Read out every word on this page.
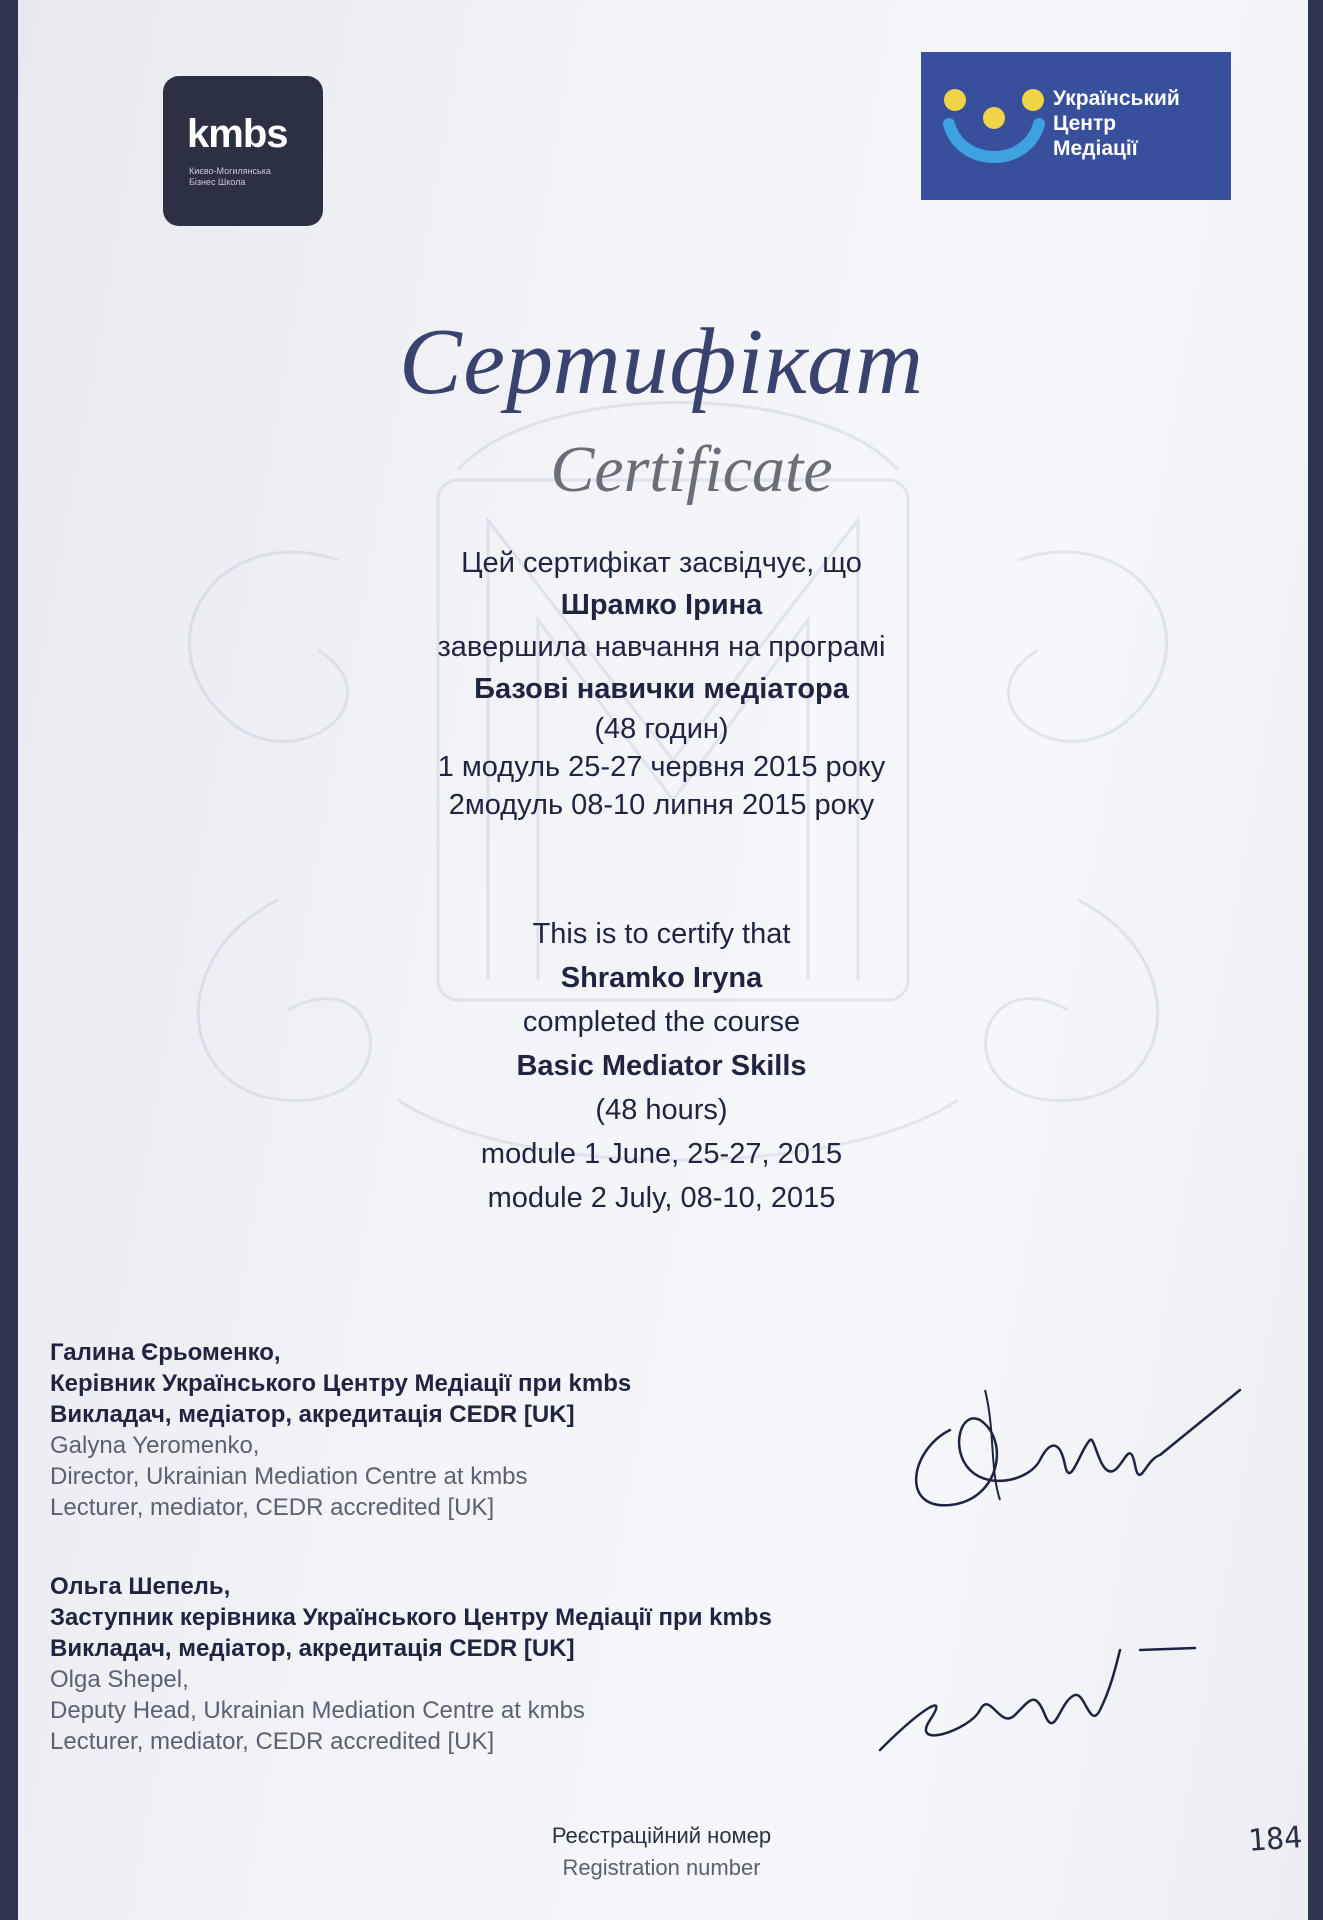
kmbs
Києво-Могилянська
Бізнес Школа
Український
Центр
Медіації
Сертифікат
Certificate
Цей сертифікат засвідчує, що
Шрамко Ірина
завершила навчання на програмі
Базові навички медіатора
(48 годин)
1 модуль 25-27 червня 2015 року
2модуль 08-10 липня 2015 року
This is to certify that
Shramko Iryna
completed the course
Basic Mediator Skills
(48 hours)
module 1 June, 25-27, 2015
module 2 July, 08-10, 2015
Галина Єрьоменко,
Керівник Українського Центру Медіації при kmbs
Викладач, медіатор, акредитація CEDR [UK]
Galyna Yeromenko,
Director, Ukrainian Mediation Centre at kmbs
Lecturer, mediator, CEDR accredited [UK]
Ольга Шепель,
Заступник керівника Українського Центру Медіації при kmbs
Викладач, медіатор, акредитація CEDR [UK]
Olga Shepel,
Deputy Head, Ukrainian Mediation Centre at kmbs
Lecturer, mediator, CEDR accredited [UK]
Реєстраційний номер
Registration number
184
